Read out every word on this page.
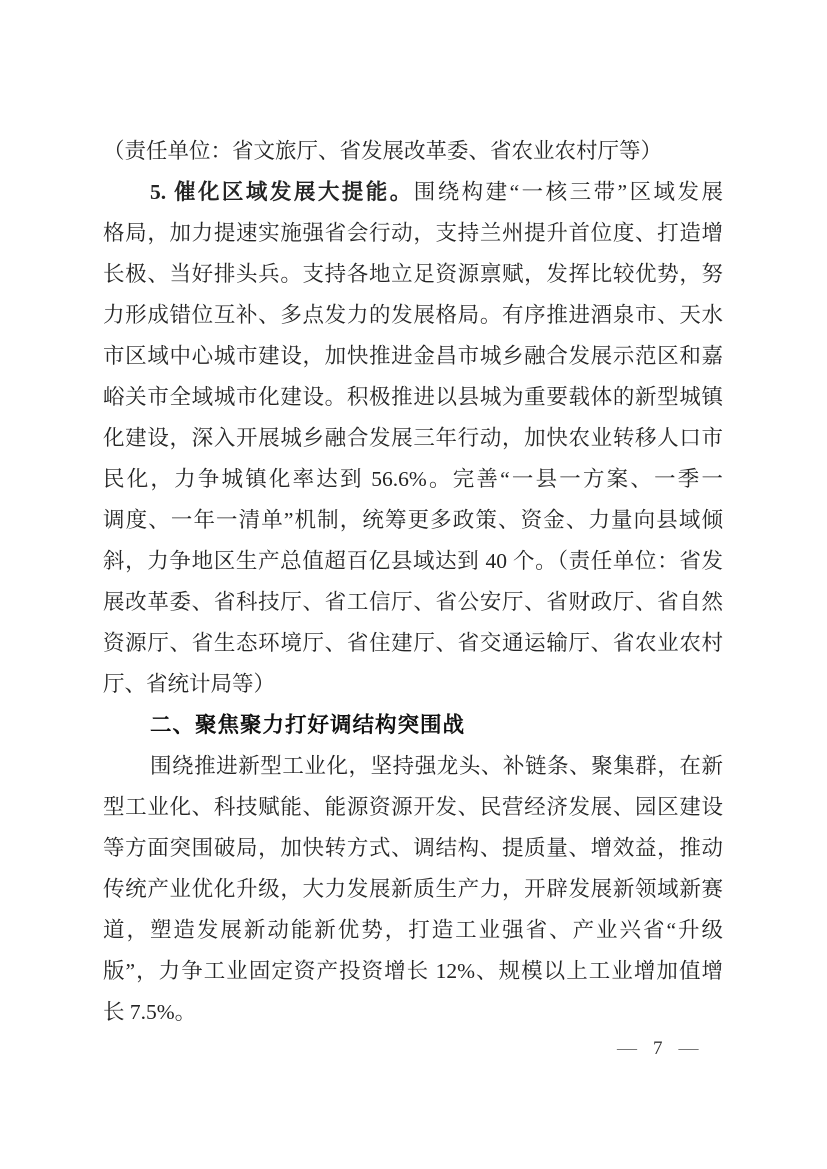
（责任单位：省文旅厅、省发展改革委、省农业农村厅等）
5. 催化区域发展大提能。围绕构建“一核三带”区域发展
格局，加力提速实施强省会行动，支持兰州提升首位度、打造增
长极、当好排头兵。支持各地立足资源禀赋，发挥比较优势，努
力形成错位互补、多点发力的发展格局。有序推进酒泉市、天水
市区域中心城市建设，加快推进金昌市城乡融合发展示范区和嘉
峪关市全域城市化建设。积极推进以县城为重要载体的新型城镇
化建设，深入开展城乡融合发展三年行动，加快农业转移人口市
民化，力争城镇化率达到 56.6%。完善“一县一方案、一季一
调度、一年一清单”机制，统筹更多政策、资金、力量向县域倾
斜，力争地区生产总值超百亿县域达到 40 个。（责任单位：省发
展改革委、省科技厅、省工信厅、省公安厅、省财政厅、省自然
资源厅、省生态环境厅、省住建厅、省交通运输厅、省农业农村
厅、省统计局等）
二、聚焦聚力打好调结构突围战
围绕推进新型工业化，坚持强龙头、补链条、聚集群，在新
型工业化、科技赋能、能源资源开发、民营经济发展、园区建设
等方面突围破局，加快转方式、调结构、提质量、增效益，推动
传统产业优化升级，大力发展新质生产力，开辟发展新领域新赛
道，塑造发展新动能新优势，打造工业强省、产业兴省“升级
版”，力争工业固定资产投资增长 12%、规模以上工业增加值增
长 7.5%。
— 7 —
